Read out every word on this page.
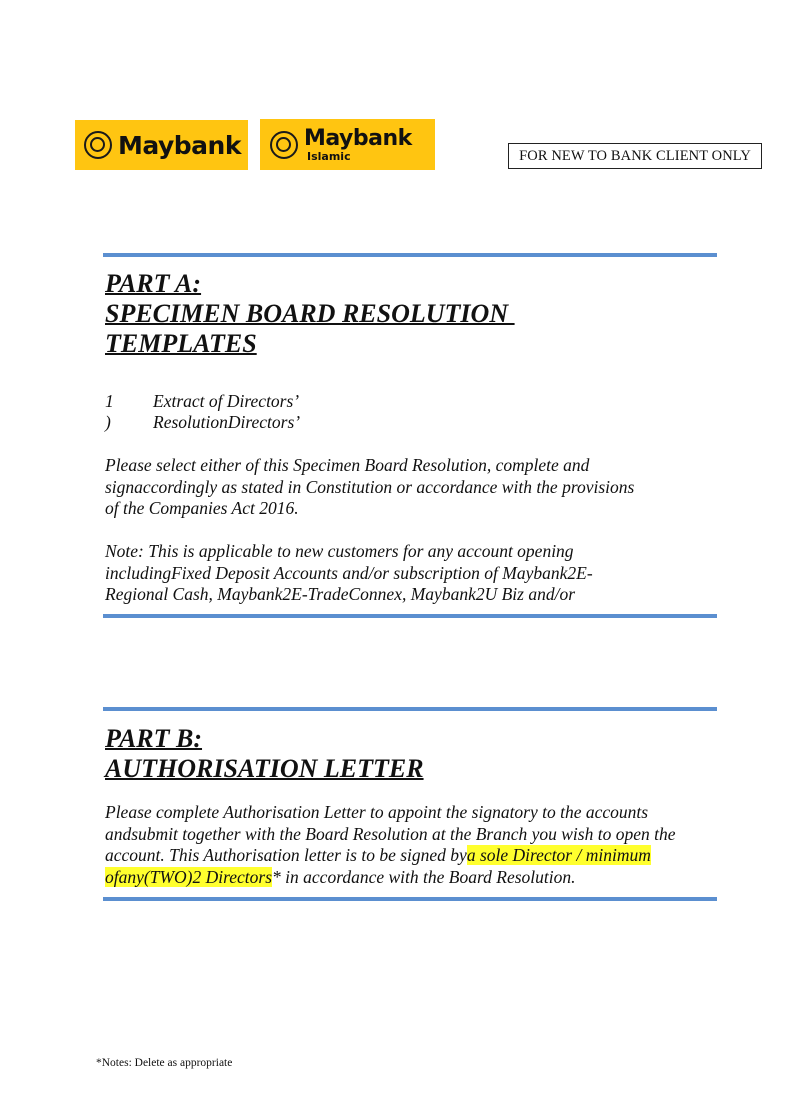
Maybank	Maybank
Islamic	FOR NEW TO BANK CLIENT ONLY
PART A:
SPECIMEN BOARD RESOLUTION
TEMPLATES
1 Extract of Directors’
) ResolutionDirectors’
Please select either of this Specimen Board Resolution, complete and
signaccordingly as stated in Constitution or accordance with the provisions
of the Companies Act 2016.
Note: This is applicable to new customers for any account opening
includingFixed Deposit Accounts and/or subscription of Maybank2E-
Regional Cash, Maybank2E-TradeConnex, Maybank2U Biz and/or
PART B:
AUTHORISATION LETTER
Please complete Authorisation Letter to appoint the signatory to the accounts
andsubmit together with the Board Resolution at the Branch you wish to open the
account. This Authorisation letter is to be signed bya sole Director / minimum
ofany(TWO)2 Directors* in accordance with the Board Resolution.
*Notes: Delete as appropriate
